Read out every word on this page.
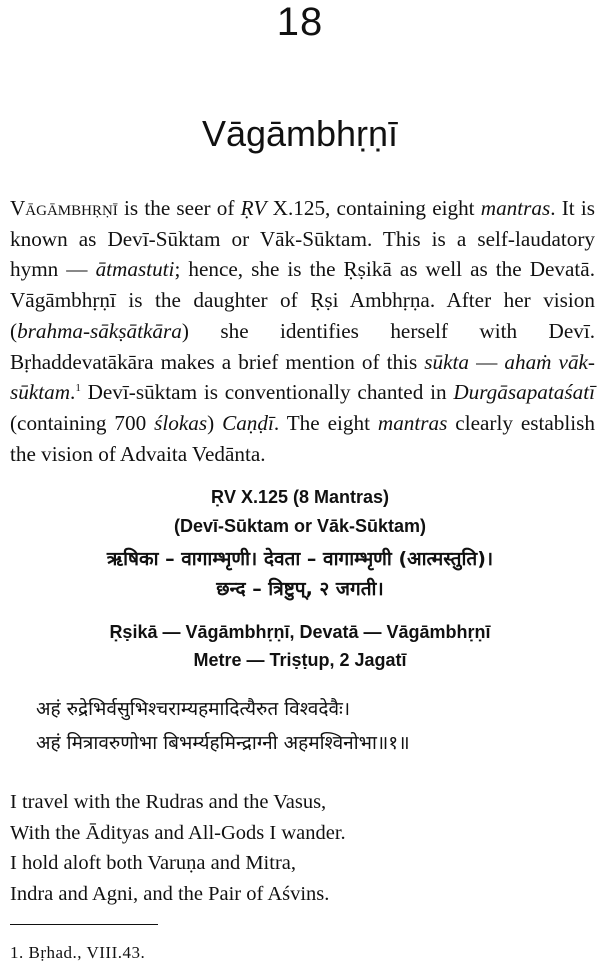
18
Vāgāmbhṛṇī

Vāgāmbhṛṇī is the seer of ṚV X.125, containing eight mantras. It is known as Devī-Sūktam or Vāk-Sūktam. This is a self-laudatory hymn — ātmastuti; hence, she is the Ṛṣikā as well as the Devatā. Vāgāmbhṛṇī is the daughter of Ṛṣi Ambhṛṇa. After her vision (brahma-sākṣātkāra) she identifies herself with Devī. Bṛhaddevatākāra makes a brief mention of this sūkta — ahaṁ vāk-sūktam.$^1$ Devī-sūktam is conventionally chanted in Durgāsapataśatī (containing 700 ślokas) Caṇḍī. The eight mantras clearly establish the vision of Advaita Vedānta.

ṚV X.125 (8 Mantras)
(Devī-Sūktam or Vāk-Sūktam)
ऋषिका – वागाम्भृणी। देवता – वागाम्भृणी (आत्मस्तुति)।
छन्द – त्रिष्टुप्, २ जगती।
Ṛṣikā — Vāgāmbhṛṇī, Devatā — Vāgāmbhṛṇī
Metre — Triṣṭup, 2 Jagatī
अहं रुद्रेभिर्वसुभिश्चराम्यहमादित्यैरुत विश्वदेवैः।
अहं मित्रावरुणोभा बिभर्म्यहमिन्द्राग्नी अहमश्विनोभा॥१॥
I travel with the Rudras and the Vasus,
With the Ādityas and All-Gods I wander.
I hold aloft both Varuṇa and Mitra,
Indra and Agni, and the Pair of Aśvins.
1. Bṛhad., VIII.43.
